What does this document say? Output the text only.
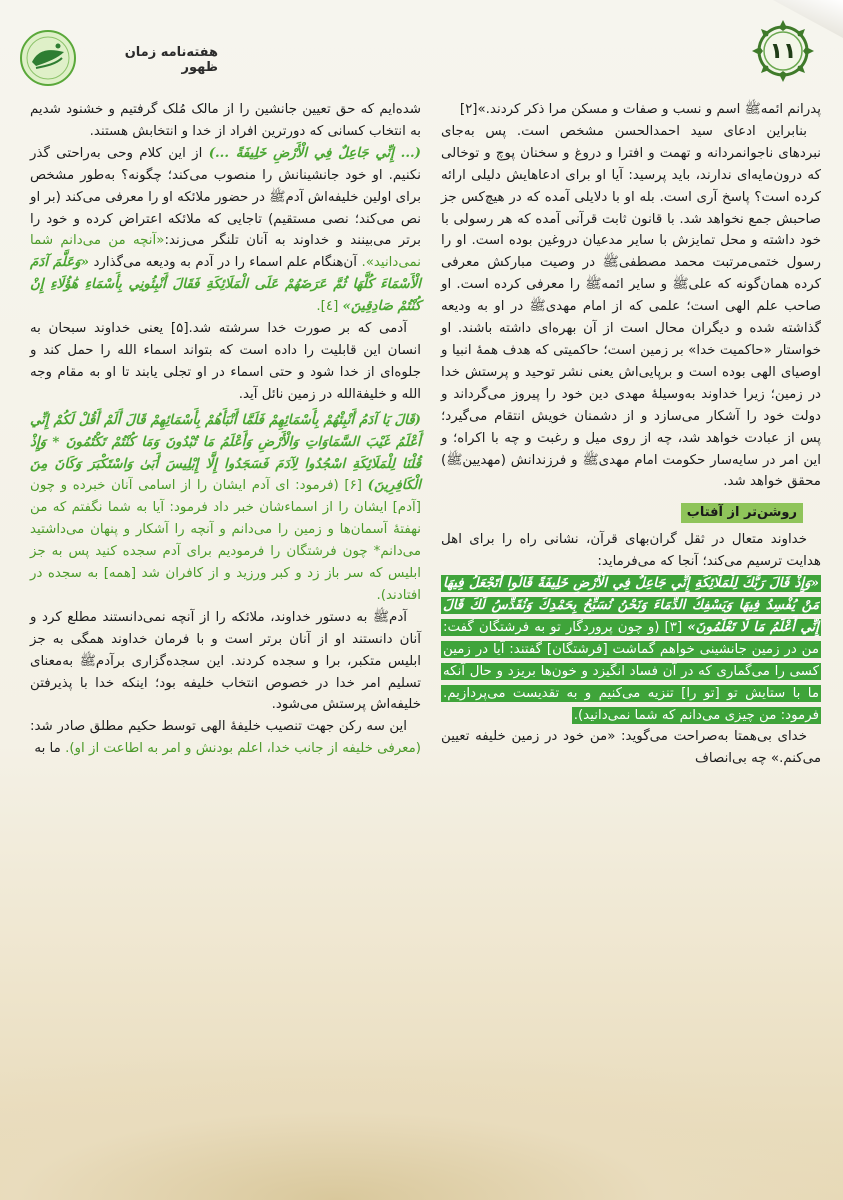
۱۱
هفته‌نامه زمان ظهور

پدرانم ائمه‌ﷺ اسم و نسب و صفات و مسکن مرا ذکر کردند.»[۲]

بنابراین ادعای سید احمدالحسن مشخص است. پس به‌جای نبردهای ناجوانمردانه و تهمت و افترا و دروغ و سخنان پوچ و توخالی که درون‌مایه‌ای ندارند، باید پرسید: آیا او برای ادعاهایش دلیلی ارائه کرده است؟ پاسخ آری است. بله او با دلایلی آمده که در هیچ‌کس جز صاحبش جمع نخواهد شد. با قانون ثابت قرآنی آمده که هر رسولی با خود داشته و محل تمایزش با سایر مدعیان دروغین بوده است. او را رسول ختمی‌مرتبت محمد مصطفی‌ﷺ در وصیت مبارکش معرفی کرده همان‌گونه که علی‌ﷺ و سایر ائمه‌ﷺ را معرفی کرده است. او صاحب علم الهی است؛ علمی که از امام مهدی‌ﷺ در او به ودیعه گذاشته شده و دیگران محال است از آن بهره‌ای داشته باشند. او خواستار «حاکمیت خدا» بر زمین است؛ حاکمیتی که هدف همهٔ انبیا و اوصیای الهی بوده است و برپایی‌اش یعنی نشر توحید و پرستش خدا در زمین؛ زیرا خداوند به‌وسیلهٔ مهدی دین خود را پیروز می‌گرداند و دولت خود را آشکار می‌سازد و از دشمنان خویش انتقام می‌گیرد؛ پس از عبادت خواهد شد، چه از روی میل و رغبت و چه با اکراه؛ و این امر در سایه‌سار حکومت امام مهدی‌ﷺ و فرزندانش (مهدیین‌ﷺ) محقق خواهد شد.

روشن‌تر از آفتاب

خداوند متعال در ثقل گران‌بهای قرآن، نشانی راه را برای اهل هدایت ترسیم می‌کند؛ آنجا که می‌فرماید:

«وَإِذْ قَالَ رَبُّكَ لِلْمَلَائِكَةِ إِنِّي جَاعِلٌ فِي الْأَرْضِ خَلِيفَةً قَالُوا أَتَجْعَلُ فِيهَا مَنْ يُفْسِدُ فِيهَا وَيَسْفِكُ الدِّمَاءَ وَنَحْنُ نُسَبِّحُ بِحَمْدِكَ وَنُقَدِّسُ لَكَ قَالَ إِنِّي أَعْلَمُ مَا لَا تَعْلَمُونَ» [۳] (و چون پروردگار تو به فرشتگان گفت: من در زمین جانشینی خواهم گماشت [فرشتگان] گفتند: آیا در زمین کسی را می‌گماری که در آن فساد انگیزد و خون‌ها بریزد و حال آنکه ما با ستایش تو [تو را] تنزیه می‌کنیم و به تقدیست می‌پردازیم. فرمود: من چیزی می‌دانم که شما نمی‌دانید).

خدای بی‌همتا به‌صراحت می‌گوید: «من خود در زمین خلیفه تعیین می‌کنم.» چه بی‌انصاف

شده‌ایم که حق تعیین جانشین را از مالک مُلک گرفتیم و خشنود شدیم به انتخاب کسانی که دورترین افراد از خدا و انتخابش هستند.

(... إِنِّي جَاعِلٌ فِي الْأَرْضِ خَلِيفَةً ...) از این کلام وحی به‌راحتی گذر نکنیم. او خود جانشینانش را منصوب می‌کند؛ چگونه؟ به‌طور مشخص برای اولین خلیفه‌اش آدم‌ﷺ در حضور ملائکه او را معرفی می‌کند (بر او نص می‌کند؛ نصی مستقیم) تاجایی که ملائکه اعتراض کرده و خود را برتر می‌بینند و خداوند به آنان تلنگر می‌زند:«آنچه من می‌دانم شما نمی‌دانید». آن‌هنگام علم اسماء را در آدم به ودیعه می‌گذارد «وَعَلَّمَ آدَمَ الْأَسْمَاءَ كُلَّهَا ثُمَّ عَرَضَهُمْ عَلَى الْمَلَائِكَةِ فَقَالَ أَنْبِئُونِي بِأَسْمَاءِ هَٰؤُلَاءِ إِنْ كُنْتُمْ صَادِقِينَ» [٤].

آدمی که بر صورت خدا سرشته شد.[۵] یعنی خداوند سبحان به انسان این قابلیت را داده است که بتواند اسماء الله را حمل کند و جلوه‌ای از خدا شود و حتی اسماء در او تجلی یابند تا او به مقام وجه الله و خلیفةالله در زمین نائل آید.

(قَالَ يَا آدَمُ أَنْبِئْهُمْ بِأَسْمَائِهِمْ فَلَمَّا أَنْبَأَهُمْ بِأَسْمَائِهِمْ قَالَ أَلَمْ أَقُلْ لَكُمْ إِنِّي أَعْلَمُ غَيْبَ السَّمَاوَاتِ وَالْأَرْضِ وَأَعْلَمُ مَا تُبْدُونَ وَمَا كُنْتُمْ تَكْتُمُونَ * وَإِذْ قُلْنَا لِلْمَلَائِكَةِ اسْجُدُوا لِآدَمَ فَسَجَدُوا إِلَّا إِبْلِيسَ أَبَىٰ وَاسْتَكْبَرَ وَكَانَ مِنَ الْكَافِرِينَ) [۶] (فرمود: ای آدم ایشان را از اسامی آنان خبرده و چون [آدم] ایشان را از اسماءشان خبر داد فرمود: آیا به شما نگفتم که من نهفتهٔ آسمان‌ها و زمین را می‌دانم و آنچه را آشکار و پنهان می‌داشتید می‌دانم* چون فرشتگان را فرمودیم برای آدم سجده کنید پس به جز ابلیس که سر باز زد و کبر ورزید و از کافران شد [همه] به سجده در افتادند).

آدم‌ﷺ به دستور خداوند، ملائکه را از آنچه نمی‌دانستند مطلع کرد و آنان دانستند او از آنان برتر است و با فرمان خداوند همگی به جز ابلیس متکبر، برا و سجده کردند. این سجده‌گزاری برآدم‌ﷺ به‌معنای تسلیم امر خدا در خصوص انتخاب خلیفه بود؛ اینکه خدا با پذیرفتن خلیفه‌اش پرستش می‌شود.

این سه رکن جهت تنصیب خلیفهٔ الهی توسط حکیم مطلق صادر شد: (معرفی خلیفه از جانب خدا، اعلم بودنش و امر به اطاعت از او). ما به
